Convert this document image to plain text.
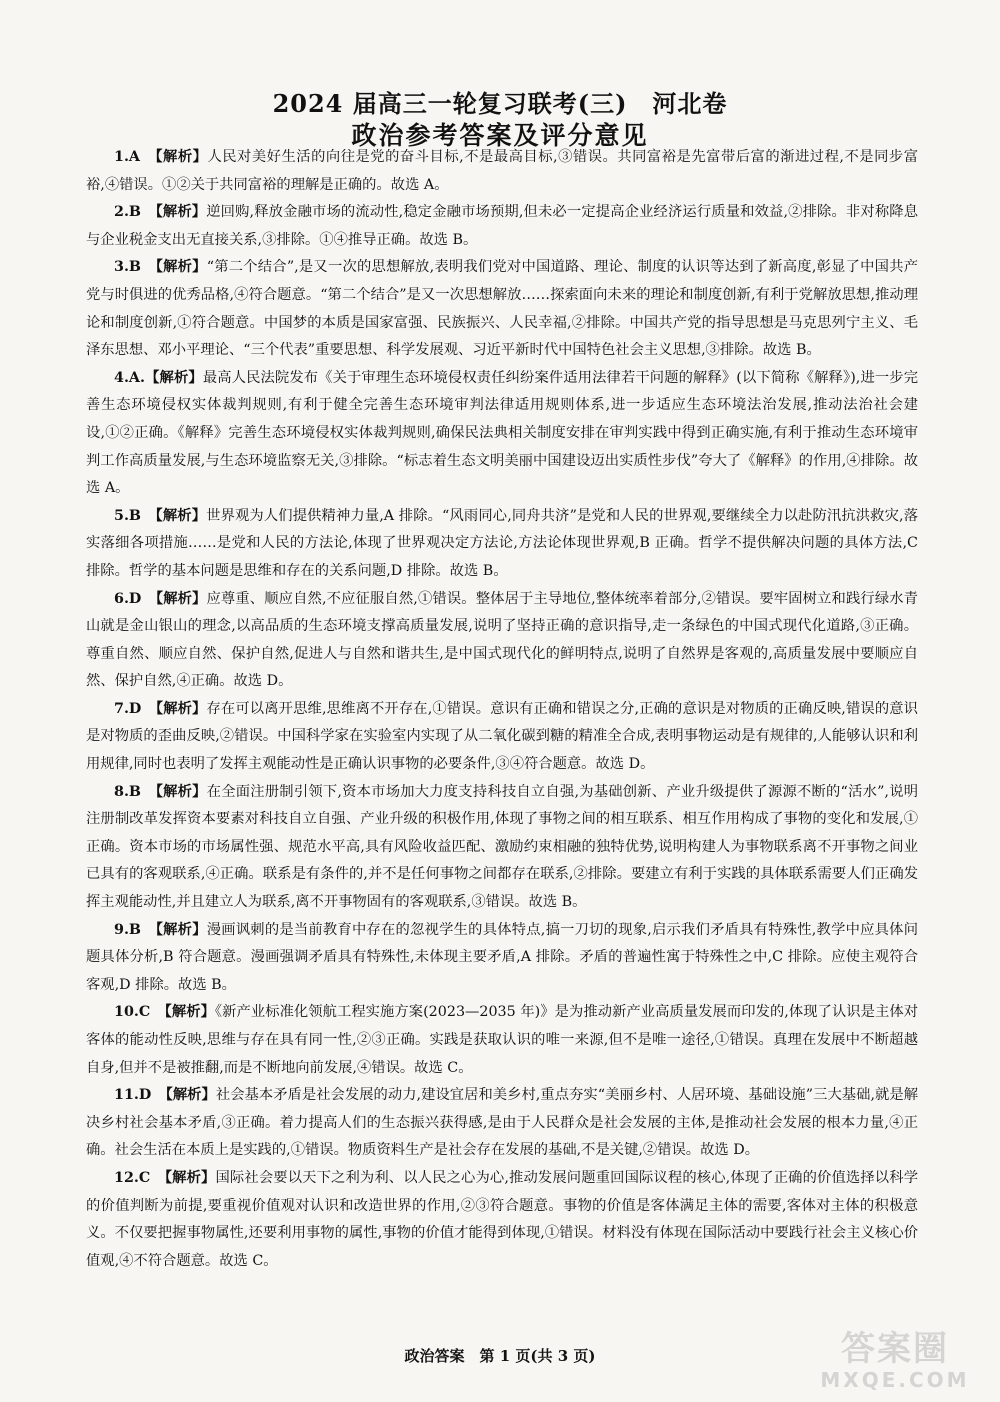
2024 届高三一轮复习联考(三)　河北卷
政治参考答案及评分意见

1.A　 【解析】人民对美好生活的向往是党的奋斗目标,不是最高目标,③错误。共同富裕是先富带后富的渐进过程,不是同步富裕,④错误。①②关于共同富裕的理解是正确的。故选 A。

2.B　 【解析】逆回购,释放金融市场的流动性,稳定金融市场预期,但未必一定提高企业经济运行质量和效益,②排除。非对称降息与企业税金支出无直接关系,③排除。①④推导正确。故选 B。

3.B　 【解析】“第二个结合”,是又一次的思想解放,表明我们党对中国道路、理论、制度的认识等达到了新高度,彰显了中国共产党与时俱进的优秀品格,④符合题意。“第二个结合”是又一次思想解放……探索面向未来的理论和制度创新,有利于党解放思想,推动理论和制度创新,①符合题意。中国梦的本质是国家富强、民族振兴、人民幸福,②排除。中国共产党的指导思想是马克思列宁主义、毛泽东思想、邓小平理论、“三个代表”重要思想、科学发展观、习近平新时代中国特色社会主义思想,③排除。故选 B。

4.A.【解析】最高人民法院发布《关于审理生态环境侵权责任纠纷案件适用法律若干问题的解释》(以下简称《解释》),进一步完善生态环境侵权实体裁判规则,有利于健全完善生态环境审判法律适用规则体系,进一步适应生态环境法治发展,推动法治社会建设,①②正确。《解释》完善生态环境侵权实体裁判规则,确保民法典相关制度安排在审判实践中得到正确实施,有利于推动生态环境审判工作高质量发展,与生态环境监察无关,③排除。“标志着生态文明美丽中国建设迈出实质性步伐”夸大了《解释》的作用,④排除。故选 A。

5.B　 【解析】世界观为人们提供精神力量,A 排除。“风雨同心,同舟共济”是党和人民的世界观,要继续全力以赴防汛抗洪救灾,落实落细各项措施……是党和人民的方法论,体现了世界观决定方法论,方法论体现世界观,B 正确。哲学不提供解决问题的具体方法,C 排除。哲学的基本问题是思维和存在的关系问题,D 排除。故选 B。

6.D　 【解析】应尊重、顺应自然,不应征服自然,①错误。整体居于主导地位,整体统率着部分,②错误。要牢固树立和践行绿水青山就是金山银山的理念,以高品质的生态环境支撑高质量发展,说明了坚持正确的意识指导,走一条绿色的中国式现代化道路,③正确。尊重自然、顺应自然、保护自然,促进人与自然和谐共生,是中国式现代化的鲜明特点,说明了自然界是客观的,高质量发展中要顺应自然、保护自然,④正确。故选 D。

7.D　 【解析】存在可以离开思维,思维离不开存在,①错误。意识有正确和错误之分,正确的意识是对物质的正确反映,错误的意识是对物质的歪曲反映,②错误。中国科学家在实验室内实现了从二氧化碳到糖的精准全合成,表明事物运动是有规律的,人能够认识和利用规律,同时也表明了发挥主观能动性是正确认识事物的必要条件,③④符合题意。故选 D。

8.B　 【解析】在全面注册制引领下,资本市场加大力度支持科技自立自强,为基础创新、产业升级提供了源源不断的“活水”,说明注册制改革发挥资本要素对科技自立自强、产业升级的积极作用,体现了事物之间的相互联系、相互作用构成了事物的变化和发展,①正确。资本市场的市场属性强、规范水平高,具有风险收益匹配、激励约束相融的独特优势,说明构建人为事物联系离不开事物之间业已具有的客观联系,④正确。联系是有条件的,并不是任何事物之间都存在联系,②排除。要建立有利于实践的具体联系需要人们正确发挥主观能动性,并且建立人为联系,离不开事物固有的客观联系,③错误。故选 B。

9.B　 【解析】漫画讽刺的是当前教育中存在的忽视学生的具体特点,搞一刀切的现象,启示我们矛盾具有特殊性,教学中应具体问题具体分析,B 符合题意。漫画强调矛盾具有特殊性,未体现主要矛盾,A 排除。矛盾的普遍性寓于特殊性之中,C 排除。应使主观符合客观,D 排除。故选 B。

10.C　 【解析】《新产业标准化领航工程实施方案(2023—2035 年)》是为推动新产业高质量发展而印发的,体现了认识是主体对客体的能动性反映,思维与存在具有同一性,②③正确。实践是获取认识的唯一来源,但不是唯一途径,①错误。真理在发展中不断超越自身,但并不是被推翻,而是不断地向前发展,④错误。故选 C。

11.D　 【解析】社会基本矛盾是社会发展的动力,建设宜居和美乡村,重点夯实“美丽乡村、人居环境、基础设施”三大基础,就是解决乡村社会基本矛盾,③正确。着力提高人们的生态振兴获得感,是由于人民群众是社会发展的主体,是推动社会发展的根本力量,④正确。社会生活在本质上是实践的,①错误。物质资料生产是社会存在发展的基础,不是关键,②错误。故选 D。

12.C　 【解析】国际社会要以天下之利为利、以人民之心为心,推动发展问题重回国际议程的核心,体现了正确的价值选择以科学的价值判断为前提,要重视价值观对认识和改造世界的作用,②③符合题意。事物的价值是客体满足主体的需要,客体对主体的积极意义。不仅要把握事物属性,还要利用事物的属性,事物的价值才能得到体现,①错误。材料没有体现在国际活动中要践行社会主义核心价值观,④不符合题意。故选 C。

政治答案　第 1 页(共 3 页)	答案圈
MXQE.COM
